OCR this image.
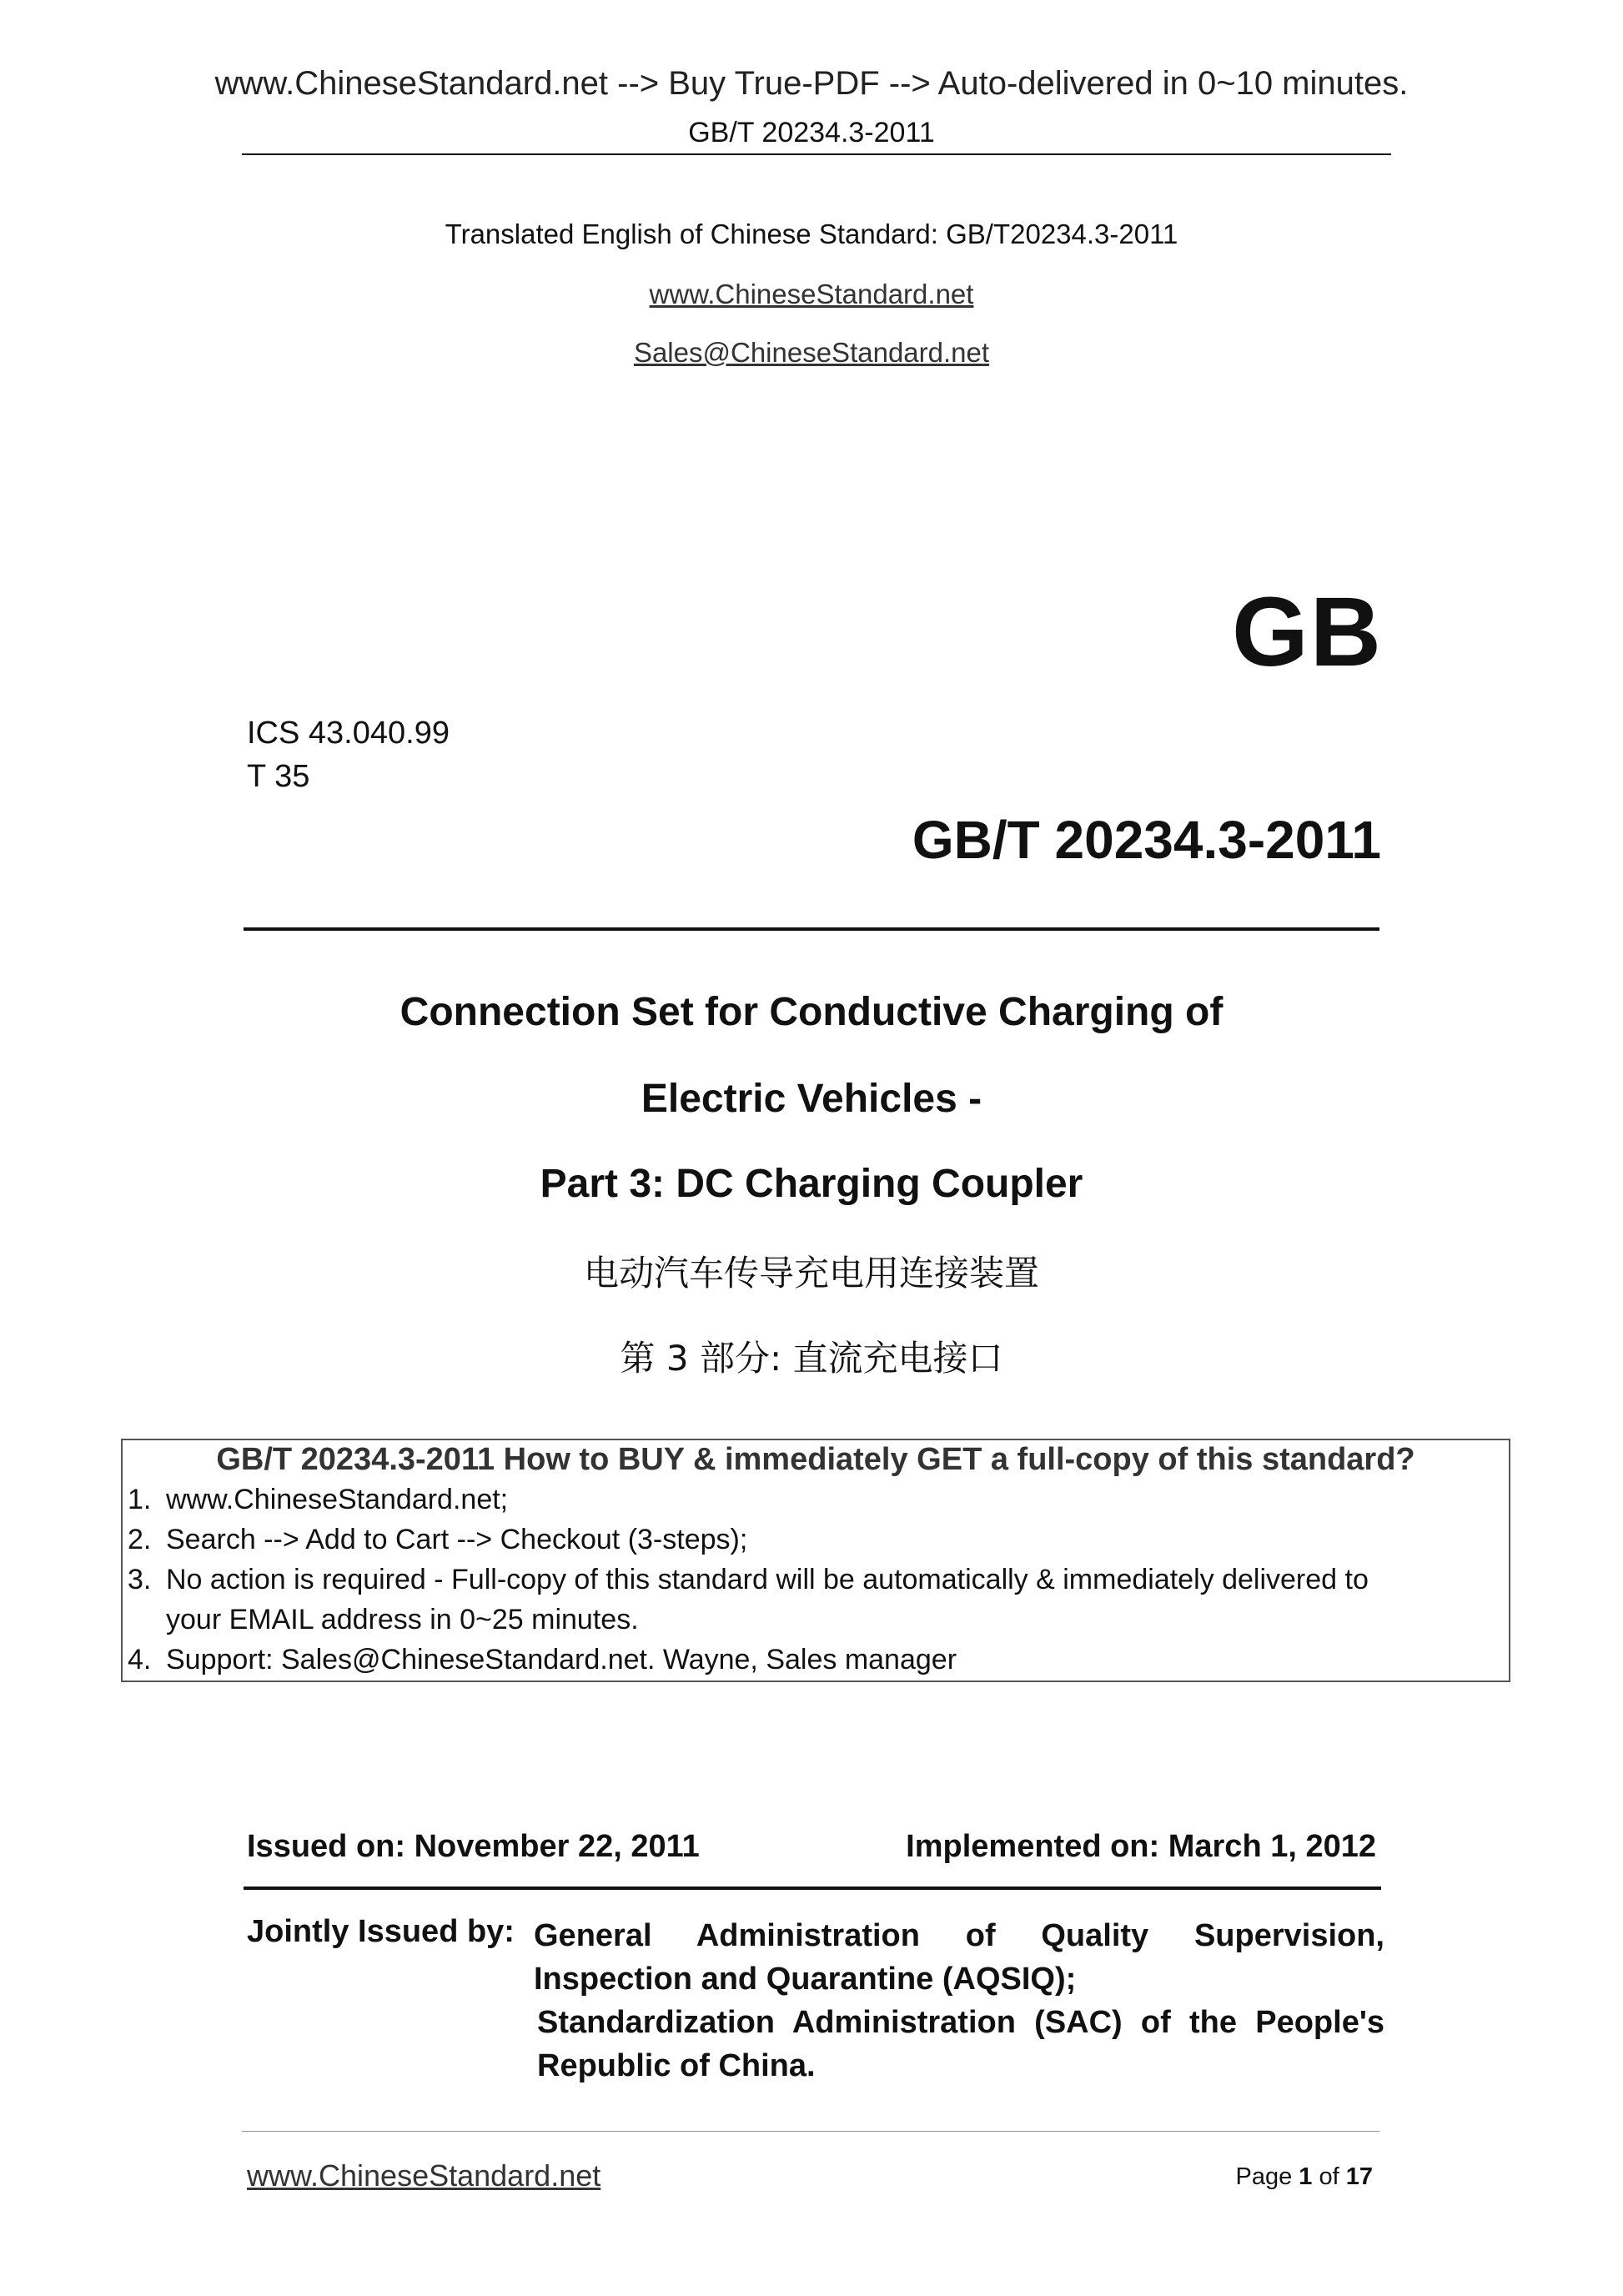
www.ChineseStandard.net --> Buy True-PDF --> Auto-delivered in 0~10 minutes.
GB/T 20234.3-2011
Translated English of Chinese Standard: GB/T20234.3-2011
www.ChineseStandard.net
Sales@ChineseStandard.net
GB
ICS 43.040.99
T 35
GB/T 20234.3-2011
Connection Set for Conductive Charging of
Electric Vehicles -
Part 3: DC Charging Coupler
电动汽车传导充电用连接装置
第 3 部分: 直流充电接口
GB/T 20234.3-2011 How to BUY & immediately GET a full-copy of this standard?
1. www.ChineseStandard.net;
2. Search --> Add to Cart --> Checkout (3-steps);
3. No action is required - Full-copy of this standard will be automatically & immediately delivered to
your EMAIL address in 0~25 minutes.
4. Support: Sales@ChineseStandard.net. Wayne, Sales manager
Issued on: November 22, 2011	Implemented on: March 1, 2012
Jointly Issued by: General Administration of Quality Supervision, Inspection and Quarantine (AQSIQ);
Standardization Administration (SAC) of the People's Republic of China.
www.ChineseStandard.net	Page 1 of 17
